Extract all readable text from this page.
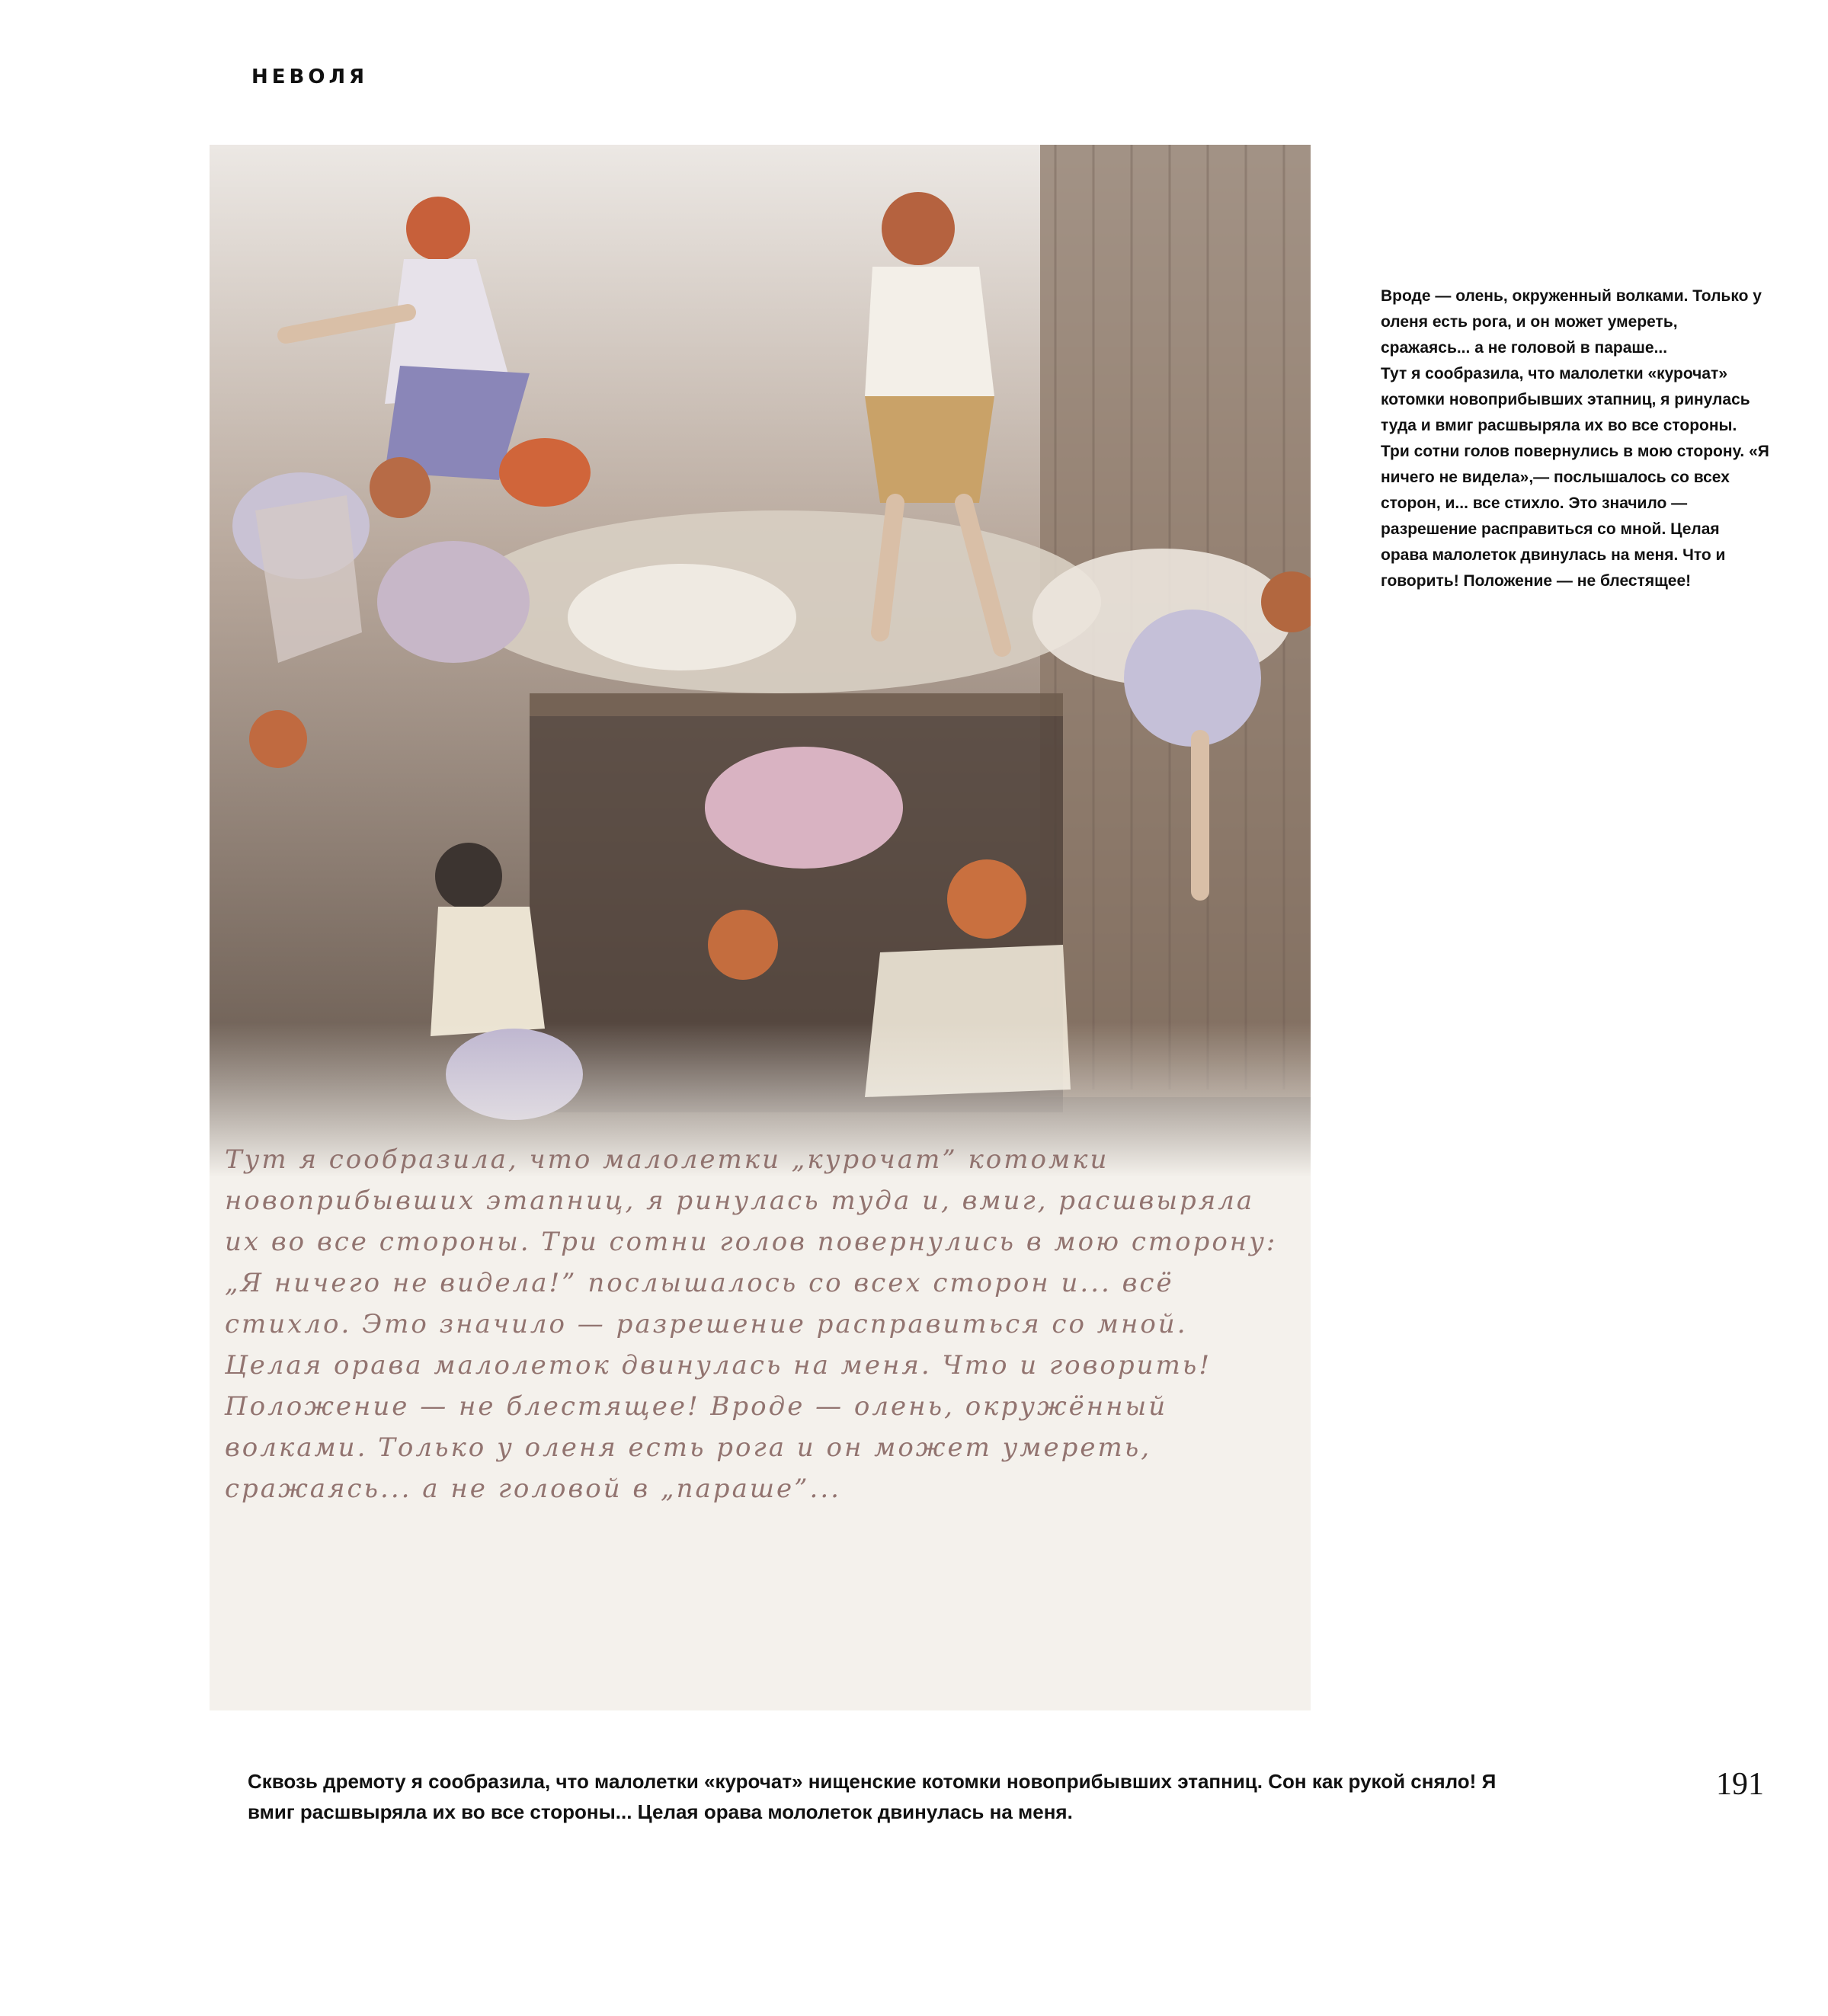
НЕВОЛЯ
Тут я сообразила, что малолетки „курочат” котомки новоприбывших этапниц, я ринулась туда и, вмиг, расшвыряла их во все стороны. Три сотни голов повернулись в мою сторону: „Я ничего не видела!” послышалось со всех сторон и... всё стихло. Это значило — разрешение расправиться со мной. Целая орава малолеток двинулась на меня. Что и говорить! Положение — не блестящее! Вроде — олень, окружённый волками. Только у оленя есть рога и он может умереть, сражаясь... а не головой в „параше”...

Вроде — олень, окруженный волками. Только у оленя есть рога, и он может умереть, сражаясь... а не головой в параше...

Тут я сообразила, что малолетки «курочат» котомки новоприбывших этапниц, я ринулась туда и вмиг расшвыряла их во все стороны. Три сотни голов повернулись в мою сторону. «Я ничего не видела»,— послышалось со всех сторон, и... все стихло. Это значило — разрешение расправиться со мной. Целая орава малолеток двинулась на меня. Что и говорить! Положение — не блестящее!

Сквозь дремоту я сообразила, что малолетки «курочат» нищенские котомки новоприбывших этапниц. Сон как рукой сняло! Я вмиг расшвыряла их во все стороны... Целая орава мололеток двинулась на меня.
191
